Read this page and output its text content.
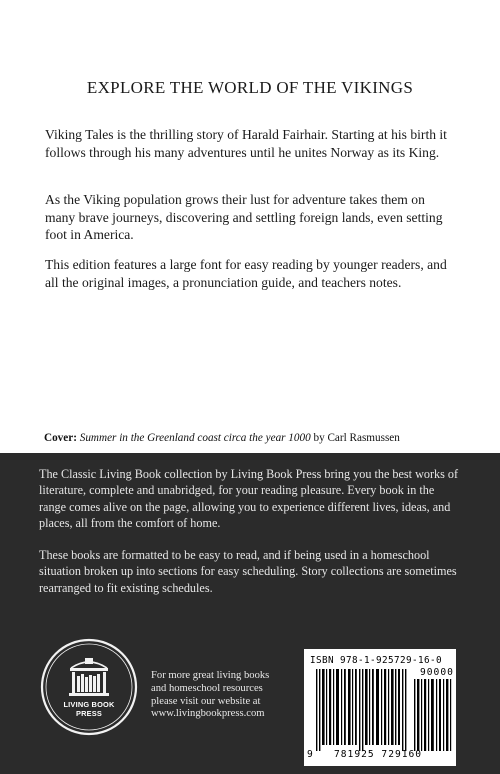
EXPLORE THE WORLD OF THE VIKINGS

Viking Tales is the thrilling story of Harald Fairhair. Starting at his birth it follows through his many adventures until he unites Norway as its King.

As the Viking population grows their lust for adventure takes them on many brave journeys, discovering and settling foreign lands, even setting foot in America.

This edition features a large font for easy reading by younger readers, and all the original images, a pronunciation guide, and teachers notes.

Cover: Summer in the Greenland coast circa the year 1000 by Carl Rasmussen

The Classic Living Book collection by Living Book Press bring you the best works of literature, complete and unabridged, for your reading pleasure. Every book in the range comes alive on the page, allowing you to experience different lives, ideas, and places, all from the comfort of home.

These books are formatted to be easy to read, and if being used in a homeschool situation broken up into sections for easy scheduling. Story collections are sometimes rearranged to fit existing schedules.

LIVING BOOK
PRESS
For more great living books
and homeschool resources
please visit our website at
www.livingbookpress.com
ISBN 978-1-925729-16-0
90000
9 781925 729160
